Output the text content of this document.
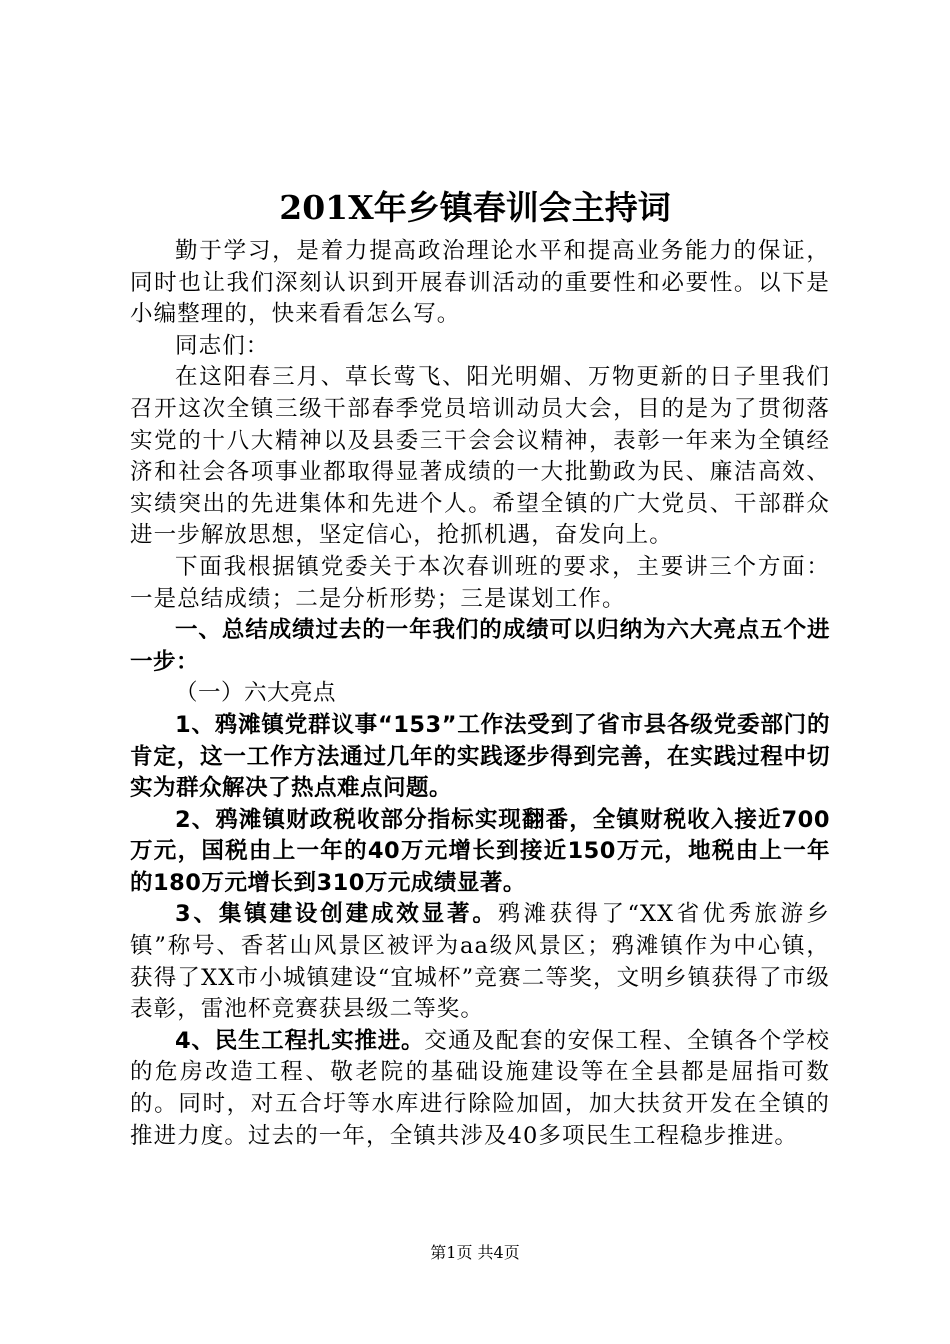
201X年乡镇春训会主持词

勤于学习，是着力提高政治理论水平和提高业务能力的保证，同时也让我们深刻认识到开展春训活动的重要性和必要性。以下是小编整理的，快来看看怎么写。

同志们：

在这阳春三月、草长莺飞、阳光明媚、万物更新的日子里我们召开这次全镇三级干部春季党员培训动员大会，目的是为了贯彻落实党的十八大精神以及县委三干会会议精神，表彰一年来为全镇经济和社会各项事业都取得显著成绩的一大批勤政为民、廉洁高效、实绩突出的先进集体和先进个人。希望全镇的广大党员、干部群众进一步解放思想，坚定信心，抢抓机遇，奋发向上。

下面我根据镇党委关于本次春训班的要求，主要讲三个方面：一是总结成绩；二是分析形势；三是谋划工作。

一、总结成绩过去的一年我们的成绩可以归纳为六大亮点五个进一步：

（一）六大亮点

1、鸦滩镇党群议事“153”工作法受到了省市县各级党委部门的肯定，这一工作方法通过几年的实践逐步得到完善，在实践过程中切实为群众解决了热点难点问题。

2、鸦滩镇财政税收部分指标实现翻番，全镇财税收入接近700万元，国税由上一年的40万元增长到接近150万元，地税由上一年的180万元增长到310万元成绩显著。

3、集镇建设创建成效显著。鸦滩获得了“XX省优秀旅游乡镇”称号、香茗山风景区被评为aa级风景区；鸦滩镇作为中心镇，获得了XX市小城镇建设“宜城杯”竞赛二等奖，文明乡镇获得了市级表彰，雷池杯竞赛获县级二等奖。

4、民生工程扎实推进。交通及配套的安保工程、全镇各个学校的危房改造工程、敬老院的基础设施建设等在全县都是屈指可数的。同时，对五合圩等水库进行除险加固，加大扶贫开发在全镇的推进力度。过去的一年，全镇共涉及40多项民生工程稳步推进。

第1页 共4页
